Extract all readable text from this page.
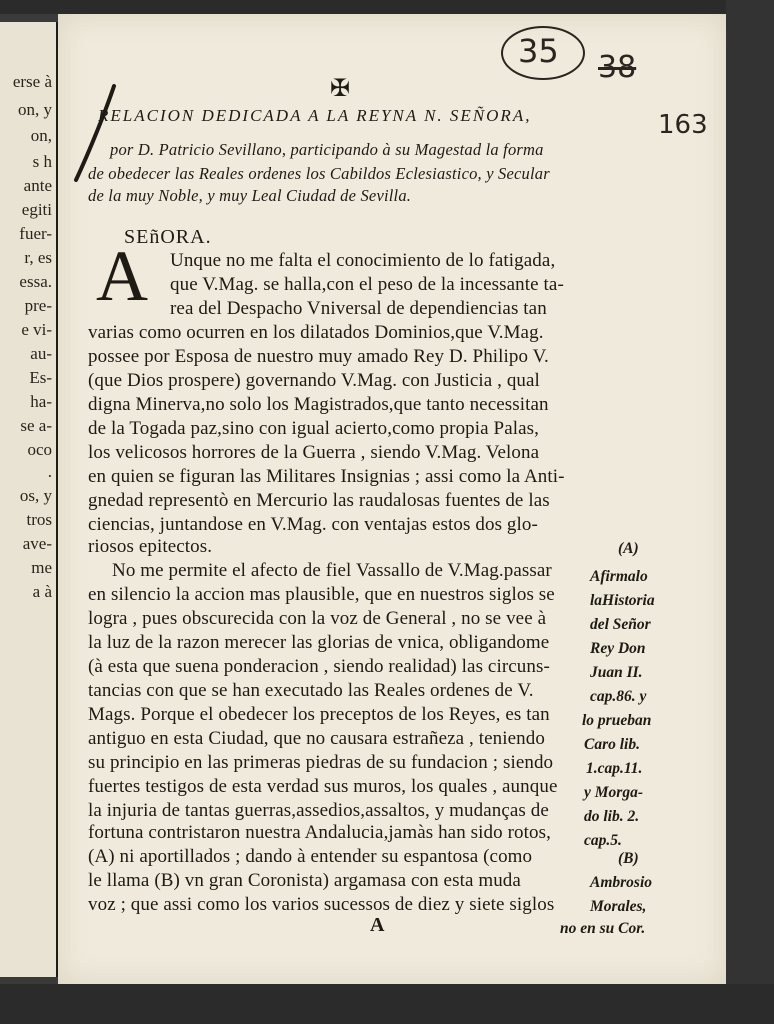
erse à
on, y
on,
s h
ante
egiti
fuer-
r, es
essa.
pre-
e vi-
au-
Es-
ha-
se a-
oco
.
os, y
tros
ave-
me
a à
35 38
163
✠
RELACION DEDICADA A LA REYNA N. SEÑORA,
por D. Patricio Sevillano, participando à su Magestad la forma
de obedecer las Reales ordenes los Cabildos Eclesiastico, y Secular
de la muy Noble, y muy Leal Ciudad de Sevilla.
SEñORA.
A Unque no me falta el conocimiento de lo fatigada,
que V.Mag. se halla,con el peso de la incessante ta-
rea del Despacho Vniversal de dependiencias tan
varias como ocurren en los dilatados Dominios,que V.Mag.
possee por Esposa de nuestro muy amado Rey D. Philipo V.
(que Dios prospere) governando V.Mag. con Justicia , qual
digna Minerva,no solo los Magistrados,que tanto necessitan
de la Togada paz,sino con igual acierto,como propia Palas,
los velicosos horrores de la Guerra , siendo V.Mag. Velona
en quien se figuran las Militares Insignias ; assi como la Anti-
gnedad representò en Mercurio las raudalosas fuentes de las
ciencias, juntandose en V.Mag. con ventajas estos dos glo-
riosos epitectos.
No me permite el afecto de fiel Vassallo de V.Mag.passar
en silencio la accion mas plausible, que en nuestros siglos se
logra , pues obscurecida con la voz de General , no se vee à
la luz de la razon merecer las glorias de vnica, obligandome
(à esta que suena ponderacion , siendo realidad) las circuns-
tancias con que se han executado las Reales ordenes de V.
Mags. Porque el obedecer los preceptos de los Reyes, es tan
antiguo en esta Ciudad, que no causara estrañeza , teniendo
su principio en las primeras piedras de su fundacion ; siendo
fuertes testigos de esta verdad sus muros, los quales , aunque
la injuria de tantas guerras,assedios,assaltos, y mudanças de
fortuna contristaron nuestra Andalucia,jamàs han sido rotos,
(A) ni aportillados ; dando à entender su espantosa (como
le llama (B) vn gran Coronista) argamasa con esta muda
voz ; que assi como los varios sucessos de diez y siete siglos
(A)
Afirmalo
laHistoria
del Señor
Rey Don
Juan II.
cap.86. y
lo prueban
Caro lib.
1.cap.11.
y Morga-
do lib. 2.
cap.5.
(B)
Ambrosio
Morales,
no en su Cor.
A
